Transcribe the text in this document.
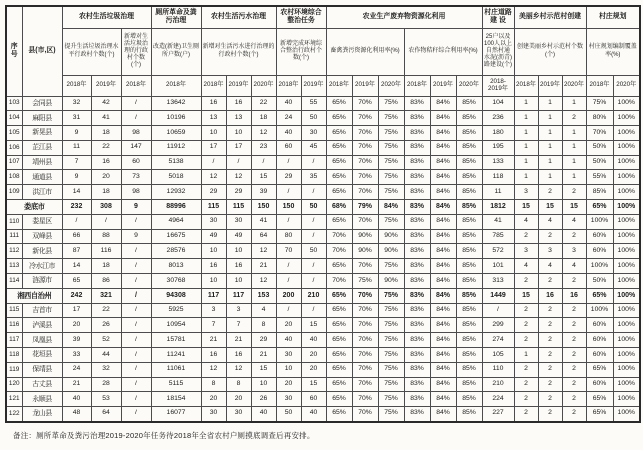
序号	县(市,区)	农村生活垃圾治理			厕所革命及粪污治理	农村生活污水治理			农村环境综合整治任务		农业生产废弃物资源化利用						村庄道路建 设	美丽乡村示范村创建			村庄规划	
		提升生活垃圾治理水平行政村个数(个)		新增对生活垃圾治理的行政村个数(个)	改造(新建)卫生厕所户数(户)	新增对生活污水进行治理的行政村个数(个)			新增完成环境综合整治行政村个数(个)		畜禽粪污资源化利用率(%)			农作物秸秆综合利用率(%)			25户以及100人以上自然村通水泥(沥青)路建设(个)	创建美丽乡村示范村个数(个)			村庄规划编制覆盖率(%)	
		2018年	2019年	2018年	2018年	2018年	2019年	2020年	2018年	2019年	2018年	2019年	2020年	2018年	2019年	2020年	2018-2019年	2018年	2019年	2020年	2018年	2020年
103	会同县	32	42	/	13642	16	16	22	40	55	65%	70%	75%	83%	84%	85%	104	1	1	1	75%	100%
104	麻阳县	31	41	/	10196	13	13	18	24	50	65%	70%	75%	83%	84%	85%	236	1	1	2	80%	100%
105	新晃县	9	18	98	10659	10	10	12	40	30	65%	70%	75%	83%	84%	85%	180	1	1	1	70%	100%
106	芷江县	11	22	147	11912	17	17	23	60	45	65%	70%	75%	83%	84%	85%	195	1	1	1	50%	100%
107	靖州县	7	16	60	5138	/	/	/	/	/	65%	70%	75%	83%	84%	85%	133	1	1	1	50%	100%
108	通道县	9	20	73	5018	12	12	15	29	35	65%	70%	75%	83%	84%	85%	118	1	1	1	55%	100%
109	洪江市	14	18	98	12932	29	29	39	/	/	65%	70%	75%	83%	84%	85%	11	3	2	2	85%	100%
娄底市		232	308	9	88996	115	115	150	150	50	68%	79%	84%	83%	84%	85%	1812	15	15	15	65%	100%
110	娄星区	/	/	/	4964	30	30	41	/	/	65%	70%	75%	83%	84%	85%	41	4	4	4	100%	100%
111	双峰县	66	88	9	16675	49	49	64	80	/	70%	90%	90%	83%	84%	85%	785	2	2	2	60%	100%
112	新化县	87	116	/	28576	10	10	12	70	50	70%	90%	90%	83%	84%	85%	572	3	3	3	60%	100%
113	冷水江市	14	18	/	8013	16	16	21	/	/	65%	70%	75%	83%	84%	85%	101	4	4	4	100%	100%
114	涟源市	65	86	/	30768	10	10	12	/	/	70%	75%	90%	83%	84%	85%	313	2	2	2	50%	100%
湘西自治州		242	321	/	94308	117	117	153	200	210	65%	70%	75%	83%	84%	85%	1449	15	16	16	65%	100%
115	吉首市	17	22	/	5925	3	3	4	/	/	65%	70%	75%	83%	84%	85%	/	2	2	2	100%	100%
116	泸溪县	20	26	/	10954	7	7	8	20	15	65%	70%	75%	83%	84%	85%	299	2	2	2	60%	100%
117	凤凰县	39	52	/	15781	21	21	29	40	40	65%	70%	75%	83%	84%	85%	274	2	2	2	60%	100%
118	花垣县	33	44	/	11241	16	16	21	30	20	65%	70%	75%	83%	84%	85%	105	1	2	2	60%	100%
119	保靖县	24	32	/	11061	12	12	15	10	20	65%	70%	75%	83%	84%	85%	110	2	2	2	65%	100%
120	古丈县	21	28	/	5115	8	8	10	20	15	65%	70%	75%	83%	84%	85%	210	2	2	2	60%	100%
121	永顺县	40	53	/	18154	20	20	26	30	60	65%	70%	75%	83%	84%	85%	224	2	2	2	65%	100%
122	龙山县	48	64	/	16077	30	30	40	50	40	65%	70%	75%	83%	84%	85%	227	2	2	2	65%	100%
备注：厕所革命及粪污治理2019-2020年任务待2018年全省农村户厕摸底调查后再安排。
